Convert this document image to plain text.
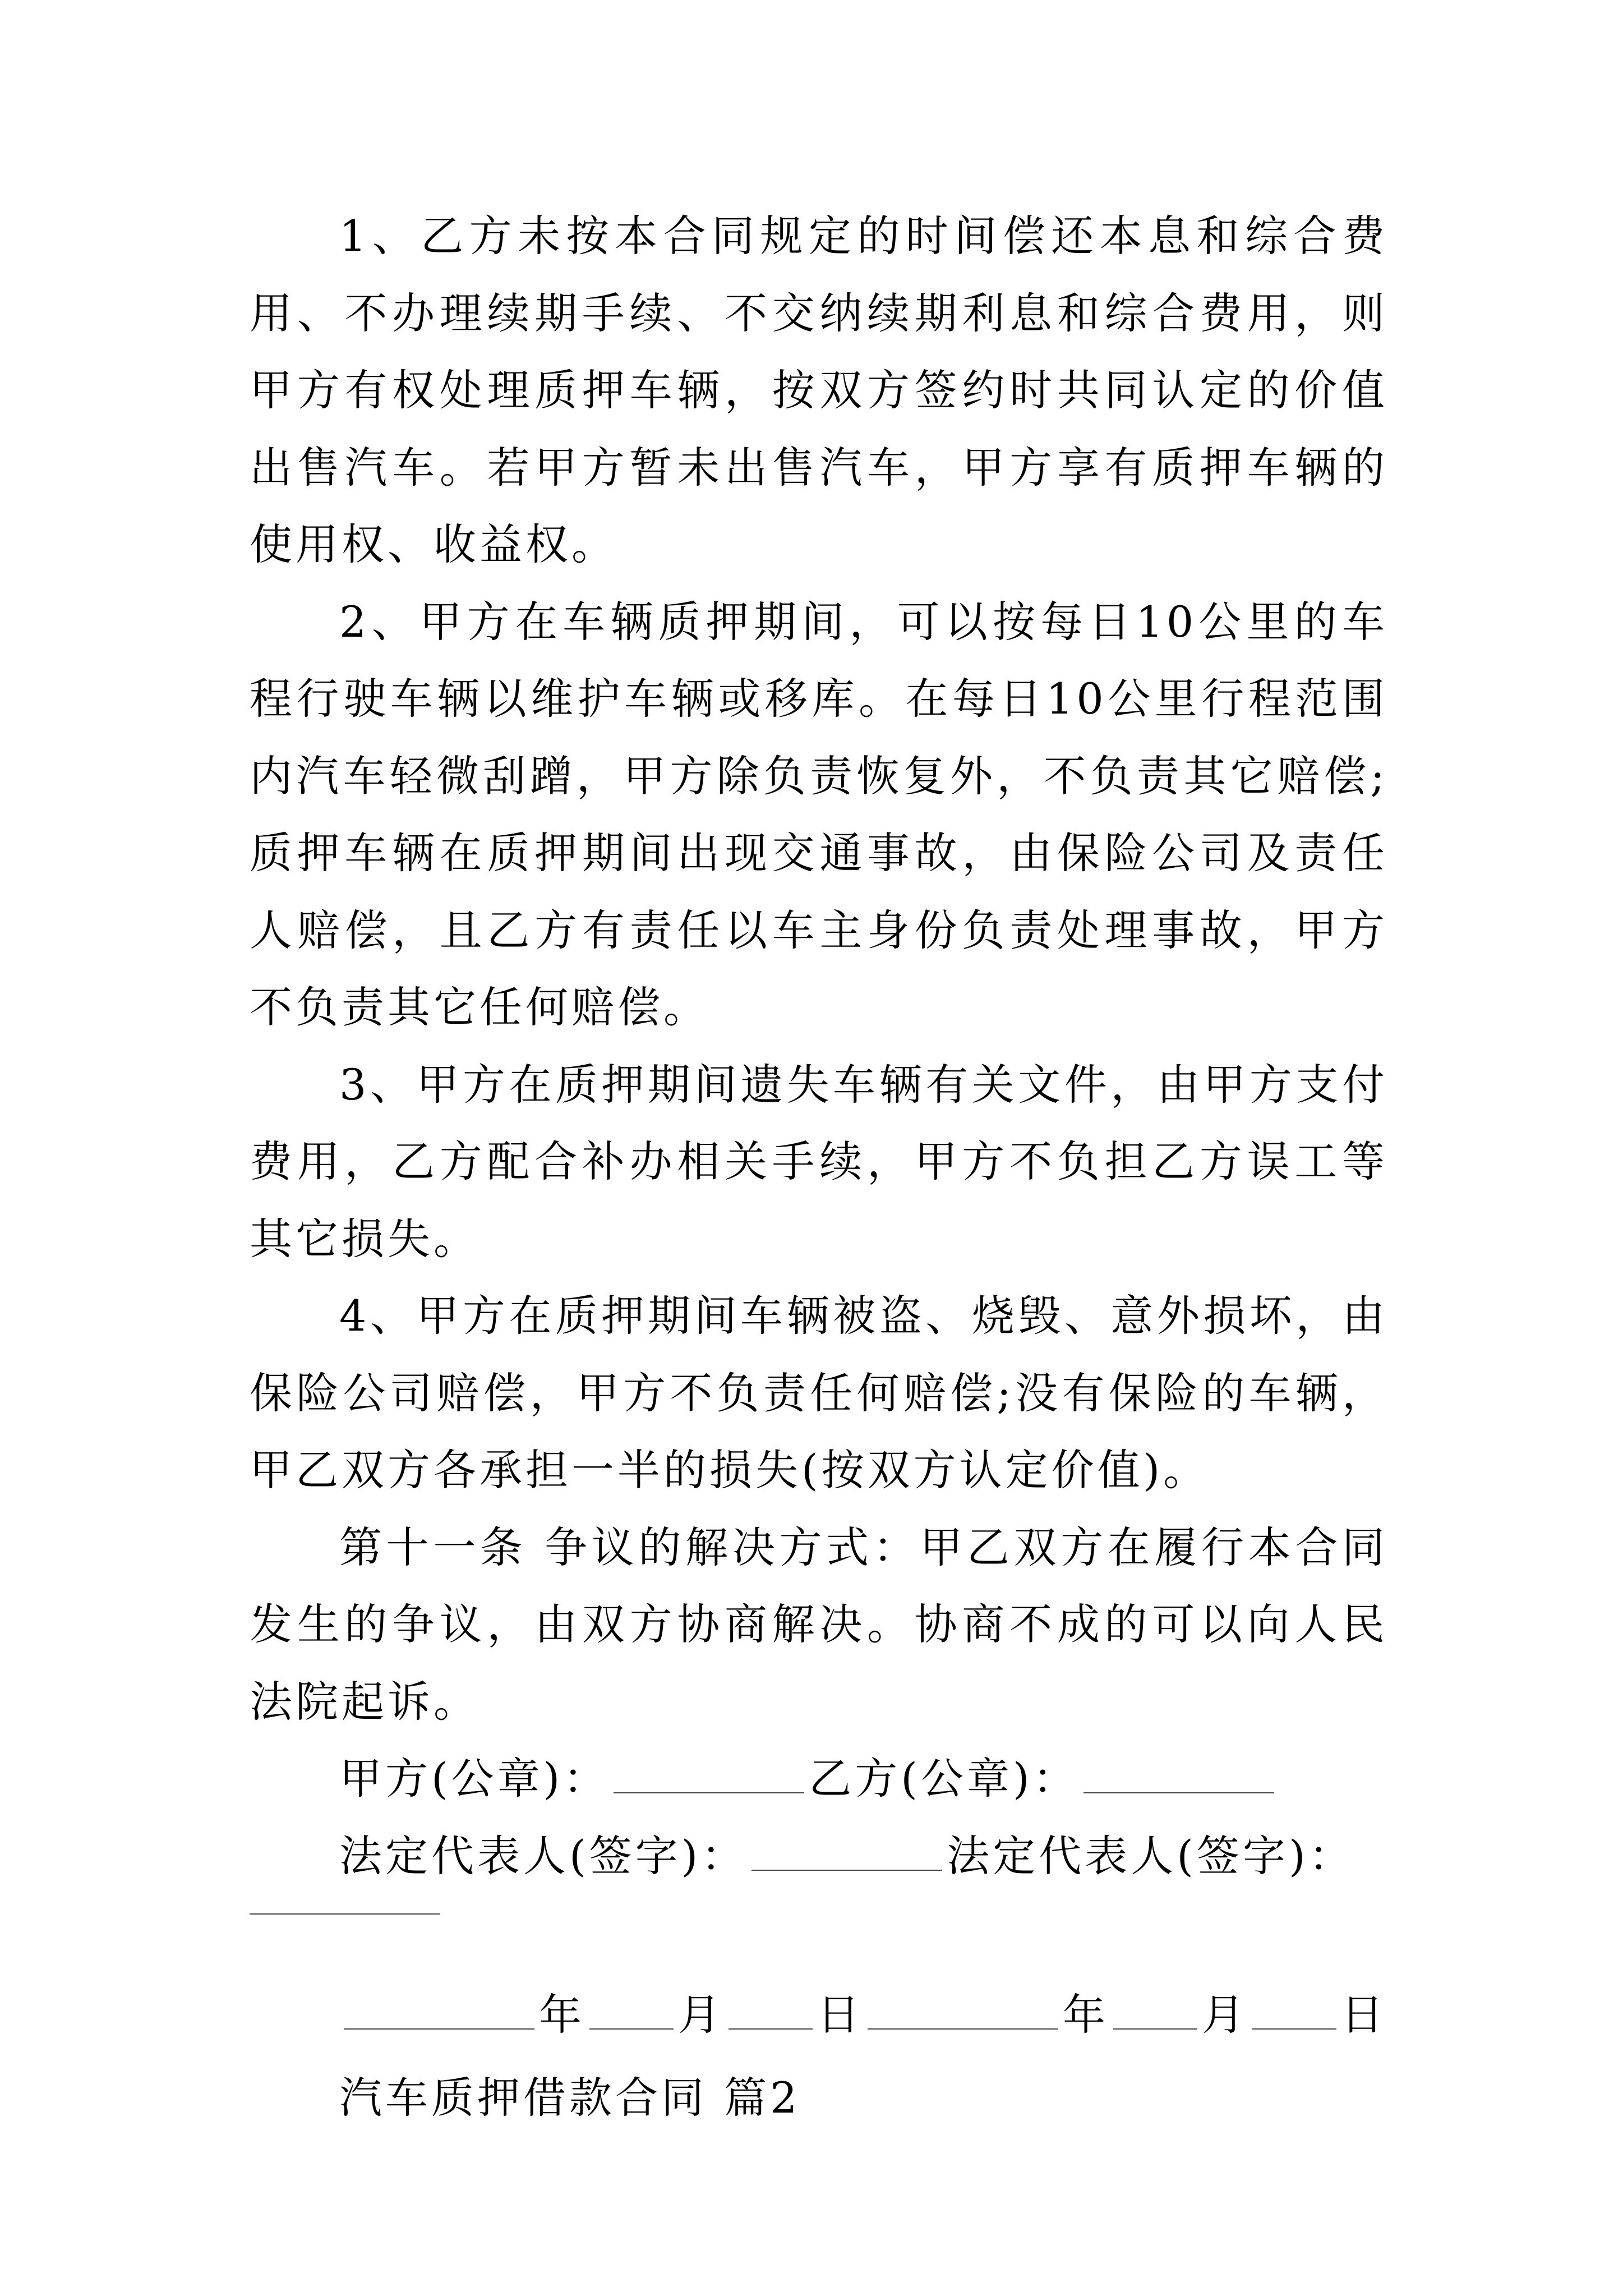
1、乙方未按本合同规定的时间偿还本息和综合费用、不办理续期手续、不交纳续期利息和综合费用，则甲方有权处理质押车辆，按双方签约时共同认定的价值出售汽车。若甲方暂未出售汽车，甲方享有质押车辆的使用权、收益权。

2、甲方在车辆质押期间，可以按每日10公里的车程行驶车辆以维护车辆或移库。在每日10公里行程范围内汽车轻微刮蹭，甲方除负责恢复外，不负责其它赔偿;质押车辆在质押期间出现交通事故，由保险公司及责任人赔偿，且乙方有责任以车主身份负责处理事故，甲方不负责其它任何赔偿。

3、甲方在质押期间遗失车辆有关文件，由甲方支付费用，乙方配合补办相关手续，甲方不负担乙方误工等其它损失。

4、甲方在质押期间车辆被盗、烧毁、意外损坏，由保险公司赔偿，甲方不负责任何赔偿;没有保险的车辆，甲乙双方各承担一半的损失(按双方认定价值)。

第十一条 争议的解决方式：甲乙双方在履行本合同发生的争议，由双方协商解决。协商不成的可以向人民法院起诉。

甲方(公章)：	乙方(公章)：

法定代表人(签字)：	法定代表人(签字)：

年 月 日	年 月 日

汽车质押借款合同 篇2
